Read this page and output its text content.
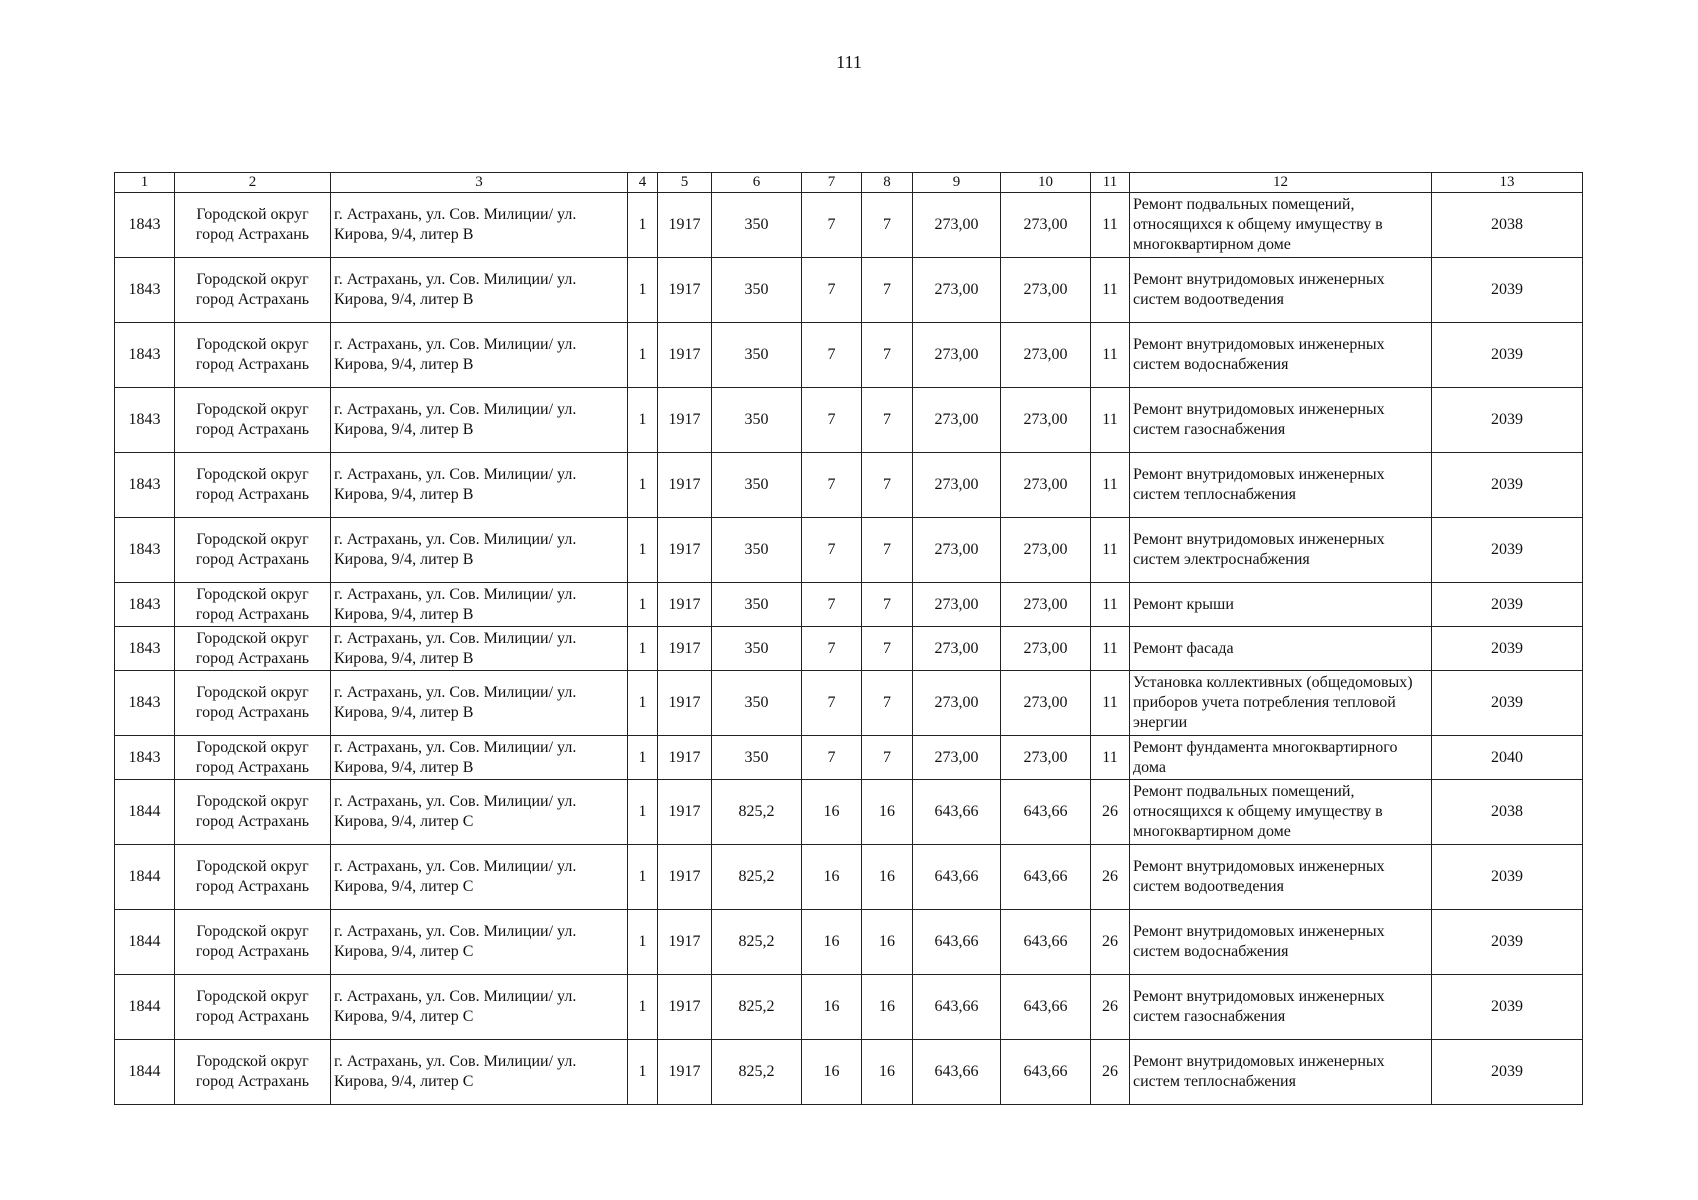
111
1	2	3	4	5	6	7	8	9	10	11	12	13
1843	Городской округ город Астрахань	г. Астрахань, ул. Сов. Милиции/ ул. Кирова, 9/4, литер В	1	1917	350	7	7	273,00	273,00	11	Ремонт подвальных помещений, относящихся к общему имуществу в многоквартирном доме	2038
1843	Городской округ город Астрахань	г. Астрахань, ул. Сов. Милиции/ ул. Кирова, 9/4, литер В	1	1917	350	7	7	273,00	273,00	11	Ремонт внутридомовых инженерных систем водоотведения	2039
1843	Городской округ город Астрахань	г. Астрахань, ул. Сов. Милиции/ ул. Кирова, 9/4, литер В	1	1917	350	7	7	273,00	273,00	11	Ремонт внутридомовых инженерных систем водоснабжения	2039
1843	Городской округ город Астрахань	г. Астрахань, ул. Сов. Милиции/ ул. Кирова, 9/4, литер В	1	1917	350	7	7	273,00	273,00	11	Ремонт внутридомовых инженерных систем газоснабжения	2039
1843	Городской округ город Астрахань	г. Астрахань, ул. Сов. Милиции/ ул. Кирова, 9/4, литер В	1	1917	350	7	7	273,00	273,00	11	Ремонт внутридомовых инженерных систем теплоснабжения	2039
1843	Городской округ город Астрахань	г. Астрахань, ул. Сов. Милиции/ ул. Кирова, 9/4, литер В	1	1917	350	7	7	273,00	273,00	11	Ремонт внутридомовых инженерных систем электроснабжения	2039
1843	Городской округ город Астрахань	г. Астрахань, ул. Сов. Милиции/ ул. Кирова, 9/4, литер В	1	1917	350	7	7	273,00	273,00	11	Ремонт крыши	2039
1843	Городской округ город Астрахань	г. Астрахань, ул. Сов. Милиции/ ул. Кирова, 9/4, литер В	1	1917	350	7	7	273,00	273,00	11	Ремонт фасада	2039
1843	Городской округ город Астрахань	г. Астрахань, ул. Сов. Милиции/ ул. Кирова, 9/4, литер В	1	1917	350	7	7	273,00	273,00	11	Установка коллективных (общедомовых) приборов учета потребления тепловой энергии	2039
1843	Городской округ город Астрахань	г. Астрахань, ул. Сов. Милиции/ ул. Кирова, 9/4, литер В	1	1917	350	7	7	273,00	273,00	11	Ремонт фундамента многоквартирного дома	2040
1844	Городской округ город Астрахань	г. Астрахань, ул. Сов. Милиции/ ул. Кирова, 9/4, литер С	1	1917	825,2	16	16	643,66	643,66	26	Ремонт подвальных помещений, относящихся к общему имуществу в многоквартирном доме	2038
1844	Городской округ город Астрахань	г. Астрахань, ул. Сов. Милиции/ ул. Кирова, 9/4, литер С	1	1917	825,2	16	16	643,66	643,66	26	Ремонт внутридомовых инженерных систем водоотведения	2039
1844	Городской округ город Астрахань	г. Астрахань, ул. Сов. Милиции/ ул. Кирова, 9/4, литер С	1	1917	825,2	16	16	643,66	643,66	26	Ремонт внутридомовых инженерных систем водоснабжения	2039
1844	Городской округ город Астрахань	г. Астрахань, ул. Сов. Милиции/ ул. Кирова, 9/4, литер С	1	1917	825,2	16	16	643,66	643,66	26	Ремонт внутридомовых инженерных систем газоснабжения	2039
1844	Городской округ город Астрахань	г. Астрахань, ул. Сов. Милиции/ ул. Кирова, 9/4, литер С	1	1917	825,2	16	16	643,66	643,66	26	Ремонт внутридомовых инженерных систем теплоснабжения	2039
